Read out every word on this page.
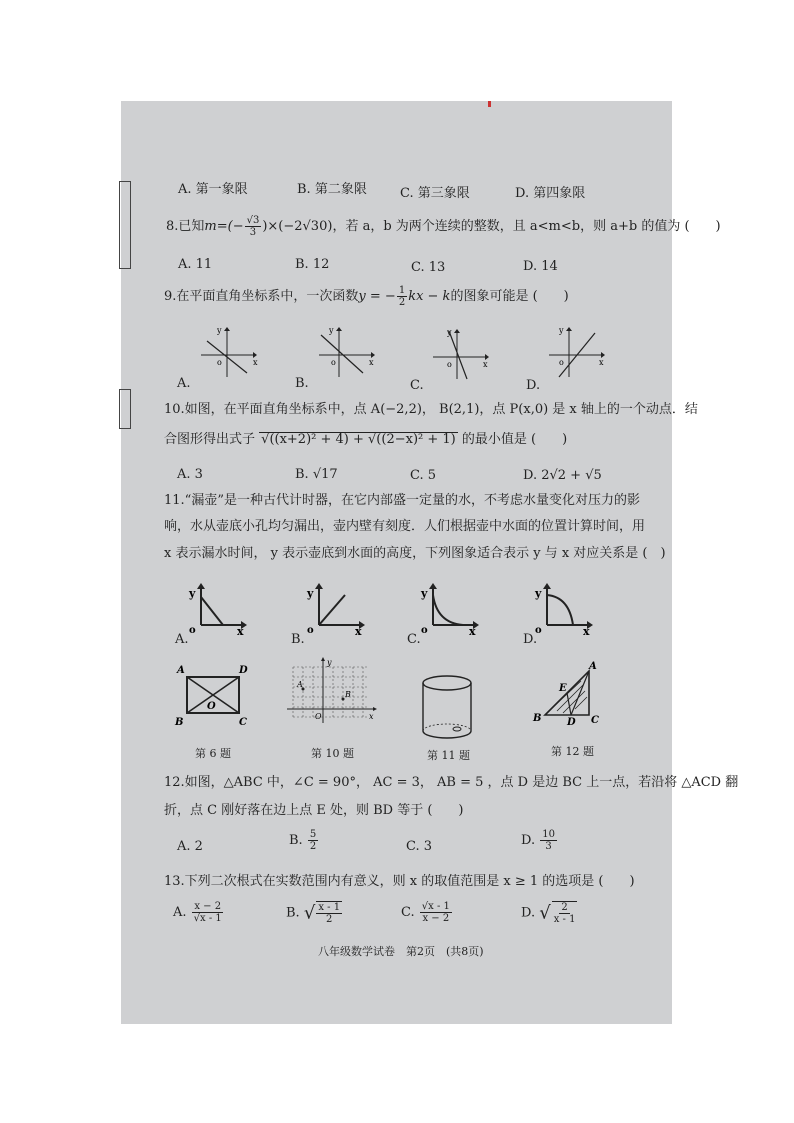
A. 第一象限	B. 第二象限	C. 第三象限	D. 第四象限
8.已知$m=(- \frac{√3}{3} )\times(-2√30)$，若 a，b 为两个连续的整数，且 a<m<b，则 a+b 的值为 (　　)
A. 11	B. 12	C. 13	D. 14
9.在平面直角坐标系中，一次函数y = − $\frac{1}{2}$ kx − k的图象可能是 (　　)
x
y
o	x
y
o	x
y
o	x
y
o
A.	B.	C.	D.
10.如图，在平面直角坐标系中，点 A(−2,2)， B(2,1)，点 P(x,0) 是 x 轴上的一个动点．结
合图形得出式子 √((x+2)² + 4) + √((2−x)² + 1) 的最小值是 (　　)
A. 3	B. √17	C. 5	D. 2√2 + √5
11.“漏壶”是一种古代计时器，在它内部盛一定量的水，不考虑水量变化对压力的影
响，水从壶底小孔均匀漏出，壶内壁有刻度．人们根据壶中水面的位置计算时间，用
x 表示漏水时间， y 表示壶底到水面的高度，下列图象适合表示 y 与 x 对应关系是 (　)
y
o	x
y
o	x
y
o	x
y
o	x
A.	B.	C.	D.
A	D
B	C
O
第 6 题
y
A
B
O	x
第 10 题	第 11 题
A
E
B	D C
第 12 题
12.如图，△ABC 中，∠C = 90°， AC = 3， AB = 5 ，点 D 是边 BC 上一点，若沿将 △ACD 翻
折，点 C 刚好落在边上点 E 处，则 BD 等于 (　　)
A. 2	B. $\frac{5}{2}$	C. 3	D. $\frac{10}{3}$
13.下列二次根式在实数范围内有意义，则 x 的取值范围是 x ≥ 1 的选项是 (　　)
A. $\frac{x - 2}{√x - 1}$	B. √ $\frac{x - 1}{2}$	C. $\frac{√x - 1}{x - 2}$	D. √ $\frac{2}{x - 1}$
八年级数学试卷　第2页　(共8页)
